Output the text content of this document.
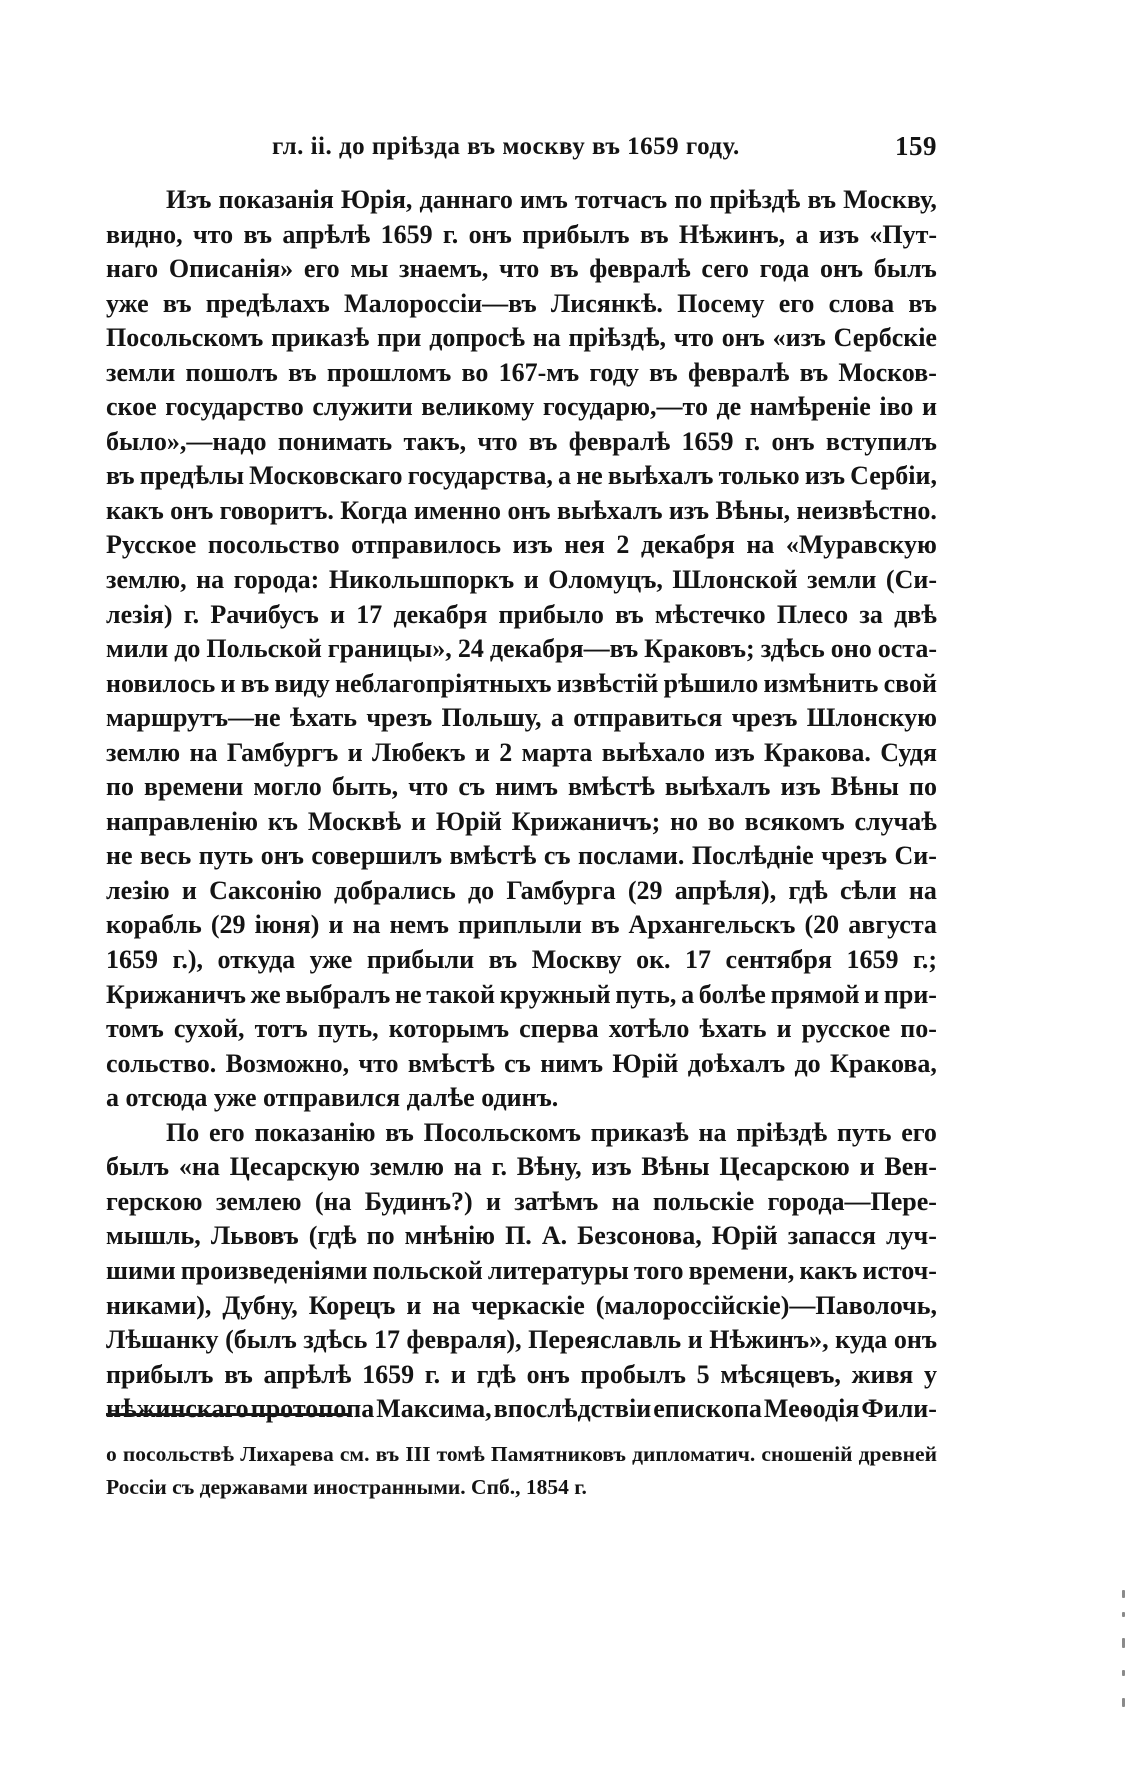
гл. ii. до прiѣзда въ москву въ 1659 году.	159
Изъ показанія Юрія, даннаго имъ тотчасъ по пріѣздѣ въ Москву,
видно, что въ апрѣлѣ 1659 г. онъ прибылъ въ Нѣжинъ, а изъ «Пут-
наго Описанія» его мы знаемъ, что въ февралѣ сего года онъ былъ
уже въ предѣлахъ Малороссіи—въ Лисянкѣ. Посему его слова въ
Посольскомъ приказѣ при допросѣ на пріѣздѣ, что онъ «изъ Сербскіе
земли пошолъ въ прошломъ во 167-мъ году въ февралѣ въ Москов-
ское государство служити великому государю,—то де намѣреніе іво и
было»,—надо понимать такъ, что въ февралѣ 1659 г. онъ вступилъ
въ предѣлы Московскаго государства, а не выѣхалъ только изъ Сербіи,
какъ онъ говоритъ. Когда именно онъ выѣхалъ изъ Вѣны, неизвѣстно.
Русское посольство отправилось изъ нея 2 декабря на «Муравскую
землю, на города: Никольшпоркъ и Оломуцъ, Шлонской земли (Си-
лезія) г. Рачибусъ и 17 декабря прибыло въ мѣстечко Плесо за двѣ
мили до Польской границы», 24 декабря—въ Краковъ; здѣсь оно оста-
новилось и въ виду неблагопріятныхъ извѣстій рѣшило измѣнить свой
маршрутъ—не ѣхать чрезъ Польшу, а отправиться чрезъ Шлонскую
землю на Гамбургъ и Любекъ и 2 марта выѣхало изъ Кракова. Судя
по времени могло быть, что съ нимъ вмѣстѣ выѣхалъ изъ Вѣны по
направленію къ Москвѣ и Юрій Крижаничъ; но во всякомъ случаѣ
не весь путь онъ совершилъ вмѣстѣ съ послами. Послѣдніе чрезъ Си-
лезію и Саксонію добрались до Гамбурга (29 апрѣля), гдѣ сѣли на
корабль (29 іюня) и на немъ приплыли въ Архангельскъ (20 августа
1659 г.), откуда уже прибыли въ Москву ок. 17 сентября 1659 г.;
Крижаничъ же выбралъ не такой кружный путь, а болѣе прямой и при-
томъ сухой, тотъ путь, которымъ сперва хотѣло ѣхать и русское по-
сольство. Возможно, что вмѣстѣ съ нимъ Юрій доѣхалъ до Кракова,
а отсюда уже отправился далѣе одинъ.
По его показанію въ Посольскомъ приказѣ на пріѣздѣ путь его
былъ «на Цесарскую землю на г. Вѣну, изъ Вѣны Цесарскою и Вен-
герскою землею (на Будинъ?) и затѣмъ на польскіе города—Пере-
мышль, Львовъ (гдѣ по мнѣнію П. А. Безсонова, Юрій запасся луч-
шими произведеніями польской литературы того времени, какъ источ-
никами), Дубну, Корецъ и на черкаскіе (малороссійскіе)—Паволочь,
Лѣшанку (былъ здѣсь 17 февраля), Переяславль и Нѣжинъ», куда онъ
прибылъ въ апрѣлѣ 1659 г. и гдѣ онъ пробылъ 5 мѣсяцевъ, живя у
нѣжинскаго протопопа Максима, впослѣдствіи епископа Меѳодія Фили-
о посольствѣ Лихарева см. въ III томѣ Памятниковъ дипломатич. сношеній древней
Россіи съ державами иностранными. Спб., 1854 г.
